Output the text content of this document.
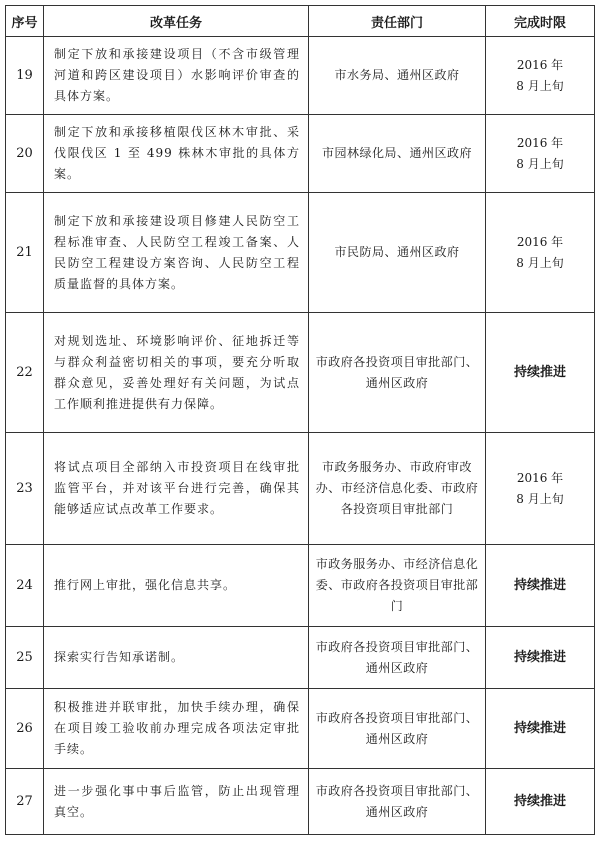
序号	改革任务	责任部门	完成时限
19	制定下放和承接建设项目（不含市级管理河道和跨区建设项目）水影响评价审查的具体方案。	市水务局、通州区政府	2016 年
8 月上旬
20	制定下放和承接移植限伐区林木审批、采伐限伐区 1 至 499 株林木审批的具体方案。	市园林绿化局、通州区政府	2016 年
8 月上旬
21	制定下放和承接建设项目修建人民防空工程标准审查、人民防空工程竣工备案、人民防空工程建设方案咨询、人民防空工程质量监督的具体方案。	市民防局、通州区政府	2016 年
8 月上旬
22	对规划选址、环境影响评价、征地拆迁等与群众利益密切相关的事项，要充分听取群众意见，妥善处理好有关问题，为试点工作顺利推进提供有力保障。	市政府各投资项目审批部门、通州区政府	持续推进
23	将试点项目全部纳入市投资项目在线审批监管平台，并对该平台进行完善，确保其能够适应试点改革工作要求。	市政务服务办、市政府审改办、市经济信息化委、市政府各投资项目审批部门	2016 年
8 月上旬
24	推行网上审批，强化信息共享。	市政务服务办、市经济信息化委、市政府各投资项目审批部门	持续推进
25	探索实行告知承诺制。	市政府各投资项目审批部门、通州区政府	持续推进
26	积极推进并联审批，加快手续办理，确保在项目竣工验收前办理完成各项法定审批手续。	市政府各投资项目审批部门、通州区政府	持续推进
27	进一步强化事中事后监管，防止出现管理真空。	市政府各投资项目审批部门、通州区政府	持续推进
